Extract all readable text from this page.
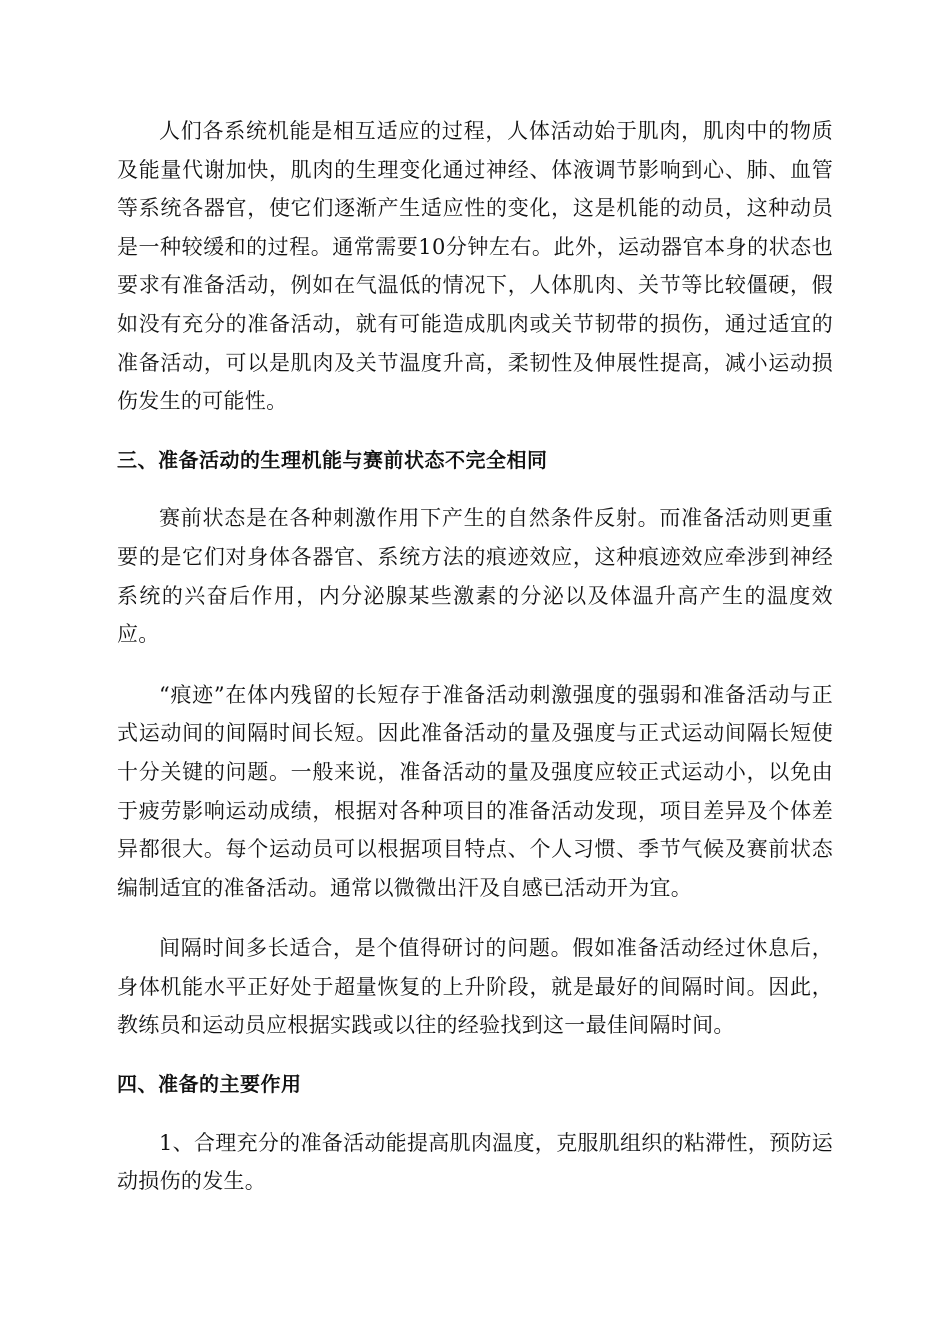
人们各系统机能是相互适应的过程，人体活动始于肌肉，肌肉中的物质及能量代谢加快，肌肉的生理变化通过神经、体液调节影响到心、肺、血管等系统各器官，使它们逐渐产生适应性的变化，这是机能的动员，这种动员是一种较缓和的过程。通常需要10分钟左右。此外，运动器官本身的状态也要求有准备活动，例如在气温低的情况下，人体肌肉、关节等比较僵硬，假如没有充分的准备活动，就有可能造成肌肉或关节韧带的损伤，通过适宜的准备活动，可以是肌肉及关节温度升高，柔韧性及伸展性提高，减小运动损伤发生的可能性。

三、准备活动的生理机能与赛前状态不完全相同

赛前状态是在各种刺激作用下产生的自然条件反射。而准备活动则更重要的是它们对身体各器官、系统方法的痕迹效应，这种痕迹效应牵涉到神经系统的兴奋后作用，内分泌腺某些激素的分泌以及体温升高产生的温度效应。

“痕迹”在体内残留的长短存于准备活动刺激强度的强弱和准备活动与正式运动间的间隔时间长短。因此准备活动的量及强度与正式运动间隔长短使十分关键的问题。一般来说，准备活动的量及强度应较正式运动小，以免由于疲劳影响运动成绩，根据对各种项目的准备活动发现，项目差异及个体差异都很大。每个运动员可以根据项目特点、个人习惯、季节气候及赛前状态编制适宜的准备活动。通常以微微出汗及自感已活动开为宜。

间隔时间多长适合，是个值得研讨的问题。假如准备活动经过休息后，身体机能水平正好处于超量恢复的上升阶段，就是最好的间隔时间。因此，教练员和运动员应根据实践或以往的经验找到这一最佳间隔时间。

四、准备的主要作用

1、合理充分的准备活动能提高肌肉温度，克服肌组织的粘滞性，预防运动损伤的发生。
